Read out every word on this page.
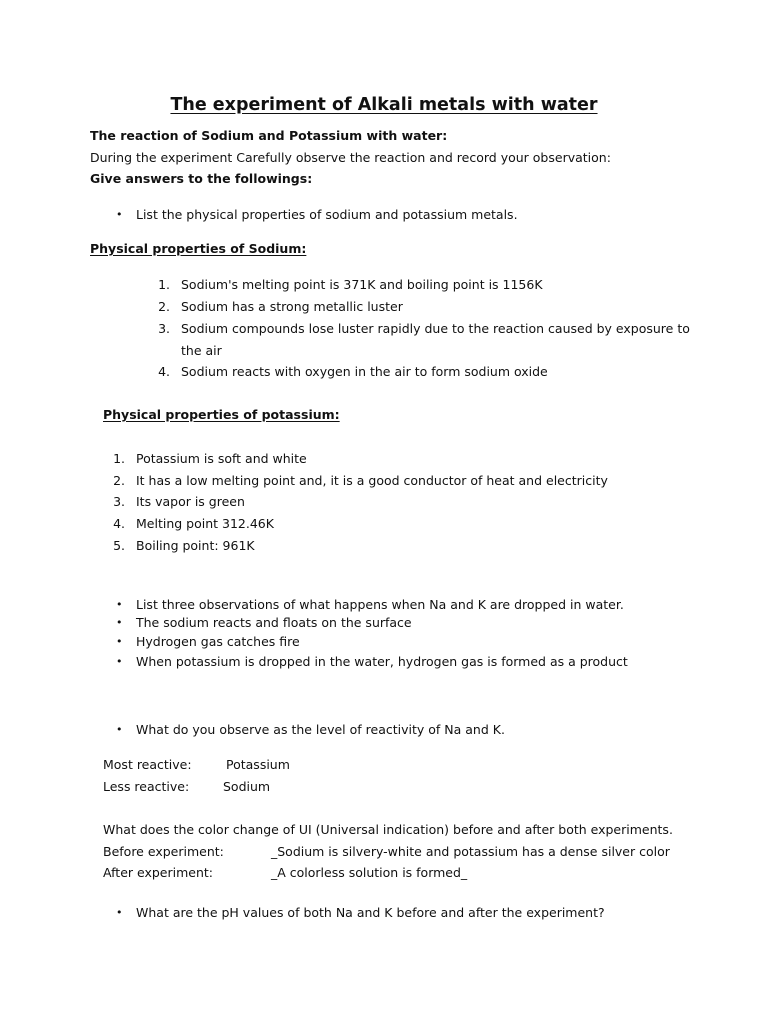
The experiment of Alkali metals with water
The reaction of Sodium and Potassium with water:
During the experiment Carefully observe the reaction and record your observation:
Give answers to the followings:
• List the physical properties of sodium and potassium metals.
Physical properties of Sodium:
1. Sodium's melting point is 371K and boiling point is 1156K
2. Sodium has a strong metallic luster
3. Sodium compounds lose luster rapidly due to the reaction caused by exposure to
the air
4. Sodium reacts with oxygen in the air to form sodium oxide
Physical properties of potassium:
1. Potassium is soft and white
2. It has a low melting point and, it is a good conductor of heat and electricity
3. Its vapor is green
4. Melting point 312.46K
5. Boiling point: 961K
• List three observations of what happens when Na and K are dropped in water.
• The sodium reacts and floats on the surface
• Hydrogen gas catches fire
• When potassium is dropped in the water, hydrogen gas is formed as a product
• What do you observe as the level of reactivity of Na and K.
Most reactive:	Potassium
Less reactive:	Sodium
What does the color change of UI (Universal indication) before and after both experiments.
Before experiment:	_Sodium is silvery-white and potassium has a dense silver color
After experiment:	_A colorless solution is formed_
• What are the pH values of both Na and K before and after the experiment?
